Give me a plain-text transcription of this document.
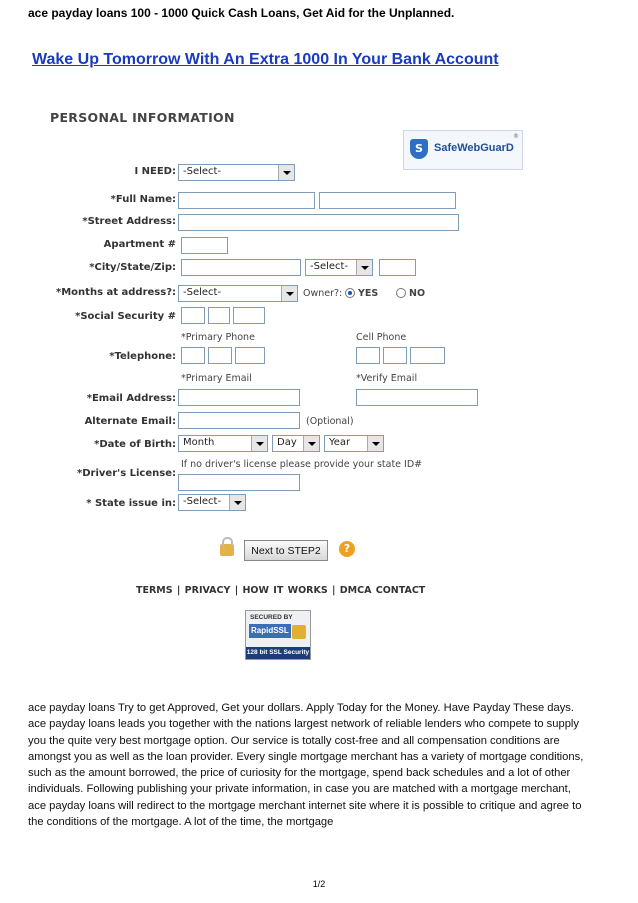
ace payday loans 100 - 1000 Quick Cash Loans, Get Aid for the Unplanned.
Wake Up Tomorrow With An Extra 1000 In Your Bank Account
PERSONAL INFORMATION
S	SafeWebGuarD
®
I NEED: -Select-
*Full Name:
*Street Address:
Apartment #
*City/State/Zip:	-Select-
*Months at address?: -Select-	Owner?: YES	NO
*Social Security #
*Primary Phone	Cell Phone
*Telephone:
*Primary Email	*Verify Email
*Email Address:
Alternate Email:	(Optional)
*Date of Birth: Month	Day	Year
If no driver's license please provide your state ID#
*Driver's License:
* State issue in: -Select-
Next to STEP2	?
TERMS | PRIVACY | HOW IT WORKS | DMCA CONTACT
SECURED BY
RapidSSL
128 bit SSL Security

ace payday loans Try to get Approved, Get your dollars. Apply Today for the Money. Have Payday These days.

ace payday loans leads you together with the nations largest network of reliable lenders who compete to supply you the quite very best mortgage option. Our service is totally cost-free and all compensation conditions are amongst you as well as the loan provider. Every single mortgage merchant has a variety of mortgage conditions, such as the amount borrowed, the price of curiosity for the mortgage, spend back schedules and a lot of other individuals. Following publishing your private information, in case you are matched with a mortgage merchant, ace payday loans will redirect to the mortgage merchant internet site where it is possible to critique and agree to the conditions of the mortgage. A lot of the time, the mortgage

1/2
